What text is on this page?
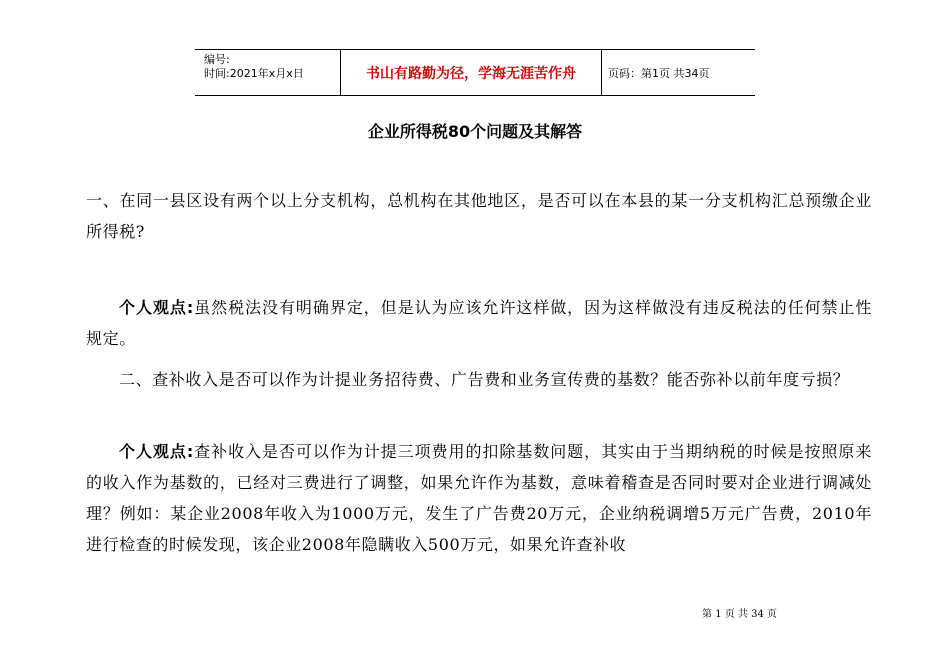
编号:
时间:2021年x月x日	书山有路勤为径，学海无涯苦作舟	页码：第1页 共34页
企业所得税80个问题及其解答
一、在同一县区设有两个以上分支机构，总机构在其他地区，是否可以在本县的某一分支机构汇总预缴企业所得税?
个人观点:虽然税法没有明确界定，但是认为应该允许这样做，因为这样做没有违反税法的任何禁止性规定。
二、查补收入是否可以作为计提业务招待费、广告费和业务宣传费的基数？能否弥补以前年度亏损？
个人观点:查补收入是否可以作为计提三项费用的扣除基数问题，其实由于当期纳税的时候是按照原来的收入作为基数的，已经对三费进行了调整，如果允许作为基数，意味着稽查是否同时要对企业进行调减处理？例如：某企业2008年收入为1000万元，发生了广告费20万元，企业纳税调增5万元广告费，2010年进行检查的时候发现，该企业2008年隐瞒收入500万元，如果允许查补收
第 1 页 共 34 页
